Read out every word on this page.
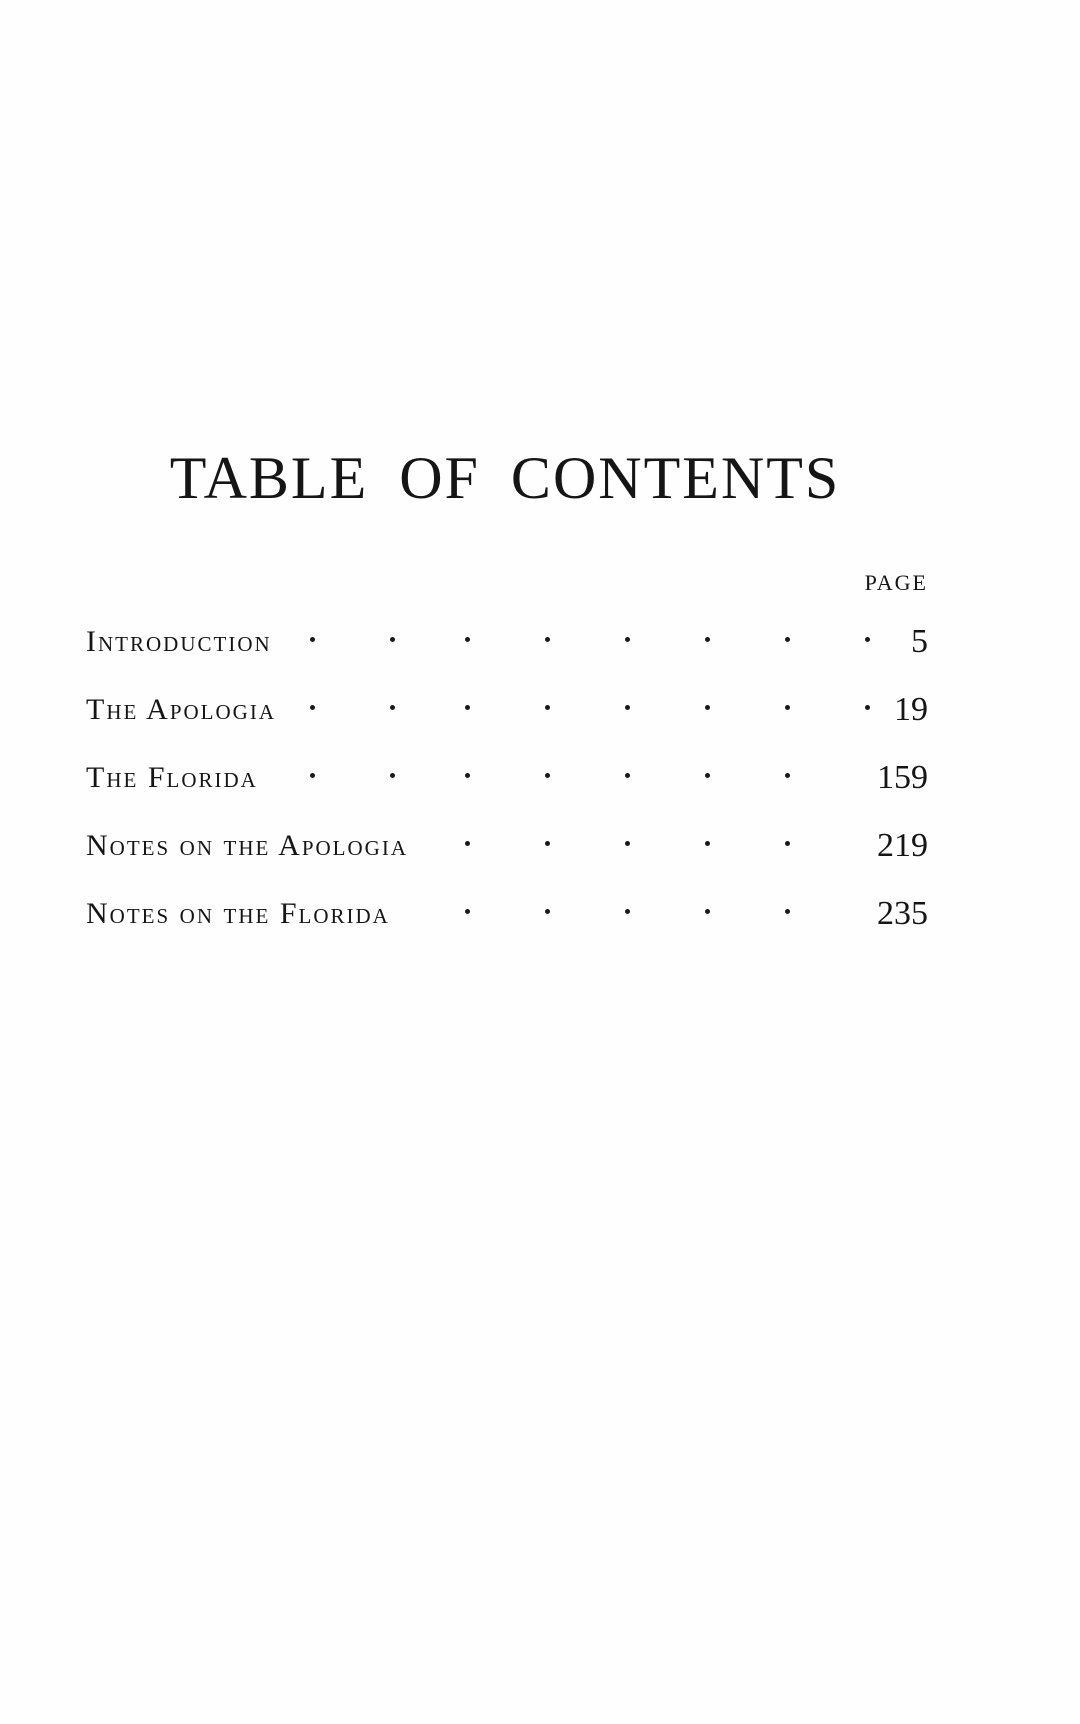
TABLE OF CONTENTS
PAGE
Introduction	5
The Apologia	19
The Florida	159
Notes on the Apologia	219
Notes on the Florida	235
